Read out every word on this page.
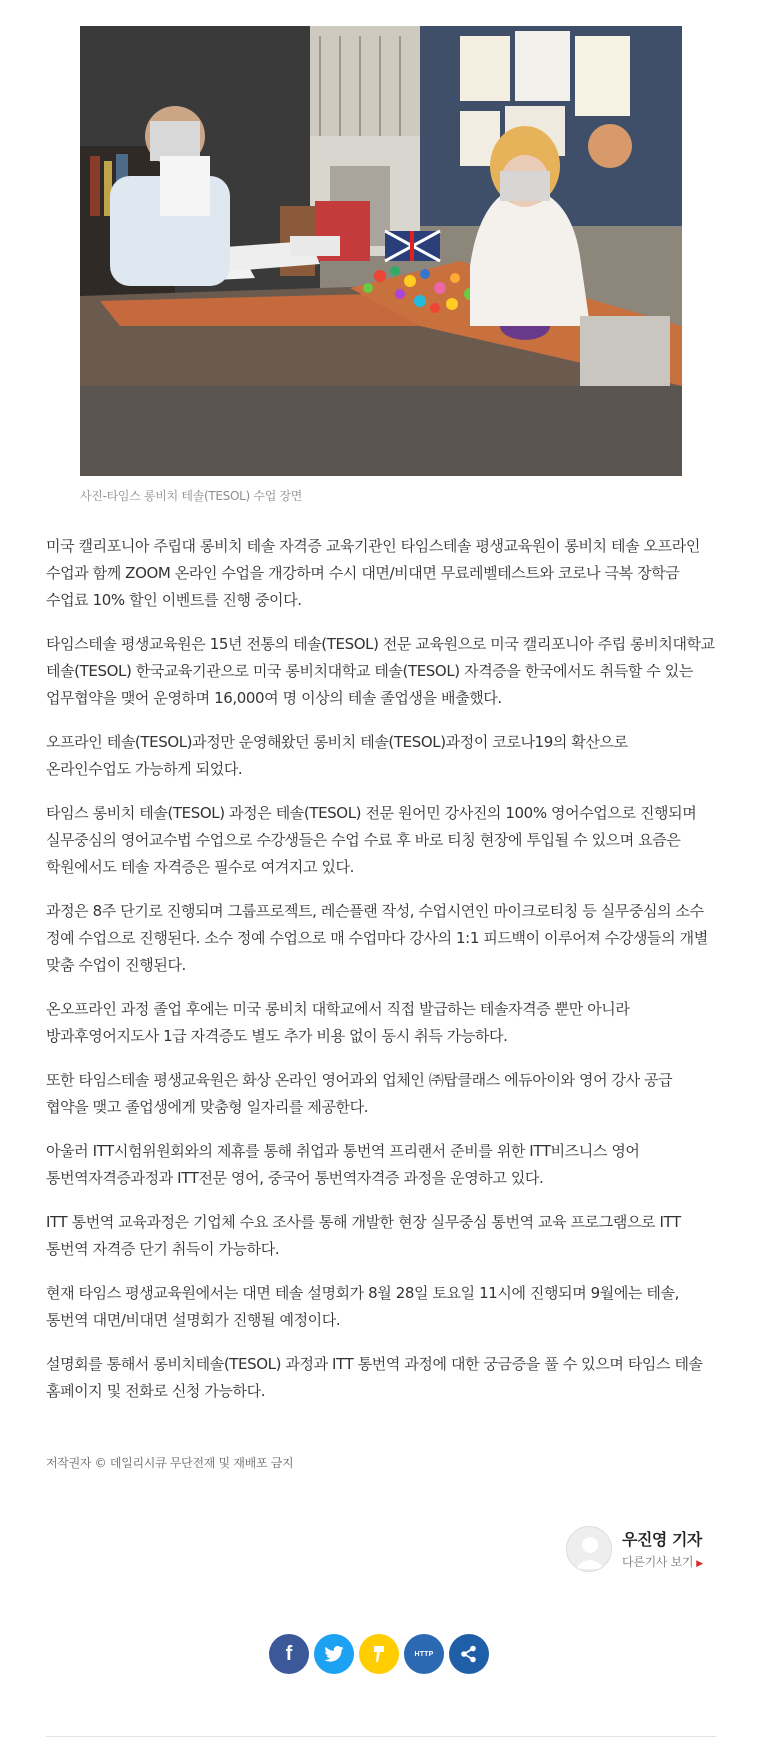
사진-타임스 롱비치 테솔(TESOL) 수업 장면

미국 캘리포니아 주립대 롱비치 테솔 자격증 교육기관인 타임스테솔 평생교육원이 롱비치 테솔 오프라인 수업과 함께 ZOOM 온라인 수업을 개강하며 수시 대면/비대면 무료레벨테스트와 코로나 극복 장학금 수업료 10% 할인 이벤트를 진행 중이다.

타임스테솔 평생교육원은 15년 전통의 테솔(TESOL) 전문 교육원으로 미국 캘리포니아 주립 롱비치대학교 테솔(TESOL) 한국교육기관으로 미국 롱비치대학교 테솔(TESOL) 자격증을 한국에서도 취득할 수 있는 업무협약을 맺어 운영하며 16,000여 명 이상의 테솔 졸업생을 배출했다.

오프라인 테솔(TESOL)과정만 운영해왔던 롱비치 테솔(TESOL)과정이 코로나19의 확산으로 온라인수업도 가능하게 되었다.

타임스 롱비치 테솔(TESOL) 과정은 테솔(TESOL) 전문 원어민 강사진의 100% 영어수업으로 진행되며 실무중심의 영어교수법 수업으로 수강생들은 수업 수료 후 바로 티칭 현장에 투입될 수 있으며 요즘은 학원에서도 테솔 자격증은 필수로 여겨지고 있다.

과정은 8주 단기로 진행되며 그룹프로젝트, 레슨플랜 작성, 수업시연인 마이크로티칭 등 실무중심의 소수 정예 수업으로 진행된다. 소수 정예 수업으로 매 수업마다 강사의 1:1 피드백이 이루어져 수강생들의 개별 맞춤 수업이 진행된다.

온오프라인 과정 졸업 후에는 미국 롱비치 대학교에서 직접 발급하는 테솔자격증 뿐만 아니라 방과후영어지도사 1급 자격증도 별도 추가 비용 없이 동시 취득 가능하다.

또한 타임스테솔 평생교육원은 화상 온라인 영어과외 업체인 ㈜탑클래스 에듀아이와 영어 강사 공급 협약을 맺고 졸업생에게 맞춤형 일자리를 제공한다.

아울러 ITT시험위원회와의 제휴를 통해 취업과 통번역 프리랜서 준비를 위한 ITT비즈니스 영어 통번역자격증과정과 ITT전문 영어, 중국어 통번역자격증 과정을 운영하고 있다.

ITT 통번역 교육과정은 기업체 수요 조사를 통해 개발한 현장 실무중심 통번역 교육 프로그램으로 ITT 통번역 자격증 단기 취득이 가능하다.

현재 타임스 평생교육원에서는 대면 테솔 설명회가 8월 28일 토요일 11시에 진행되며 9월에는 테솔, 통번역 대면/비대면 설명회가 진행될 예정이다.

설명회를 통해서 롱비치테솔(TESOL) 과정과 ITT 통번역 과정에 대한 궁금증을 풀 수 있으며 타임스 테솔 홈페이지 및 전화로 신청 가능하다.

저작권자 © 데일리시큐 무단전재 및 재배포 금지
우진영 기자
다른기사 보기 ▶
f	HTTP
